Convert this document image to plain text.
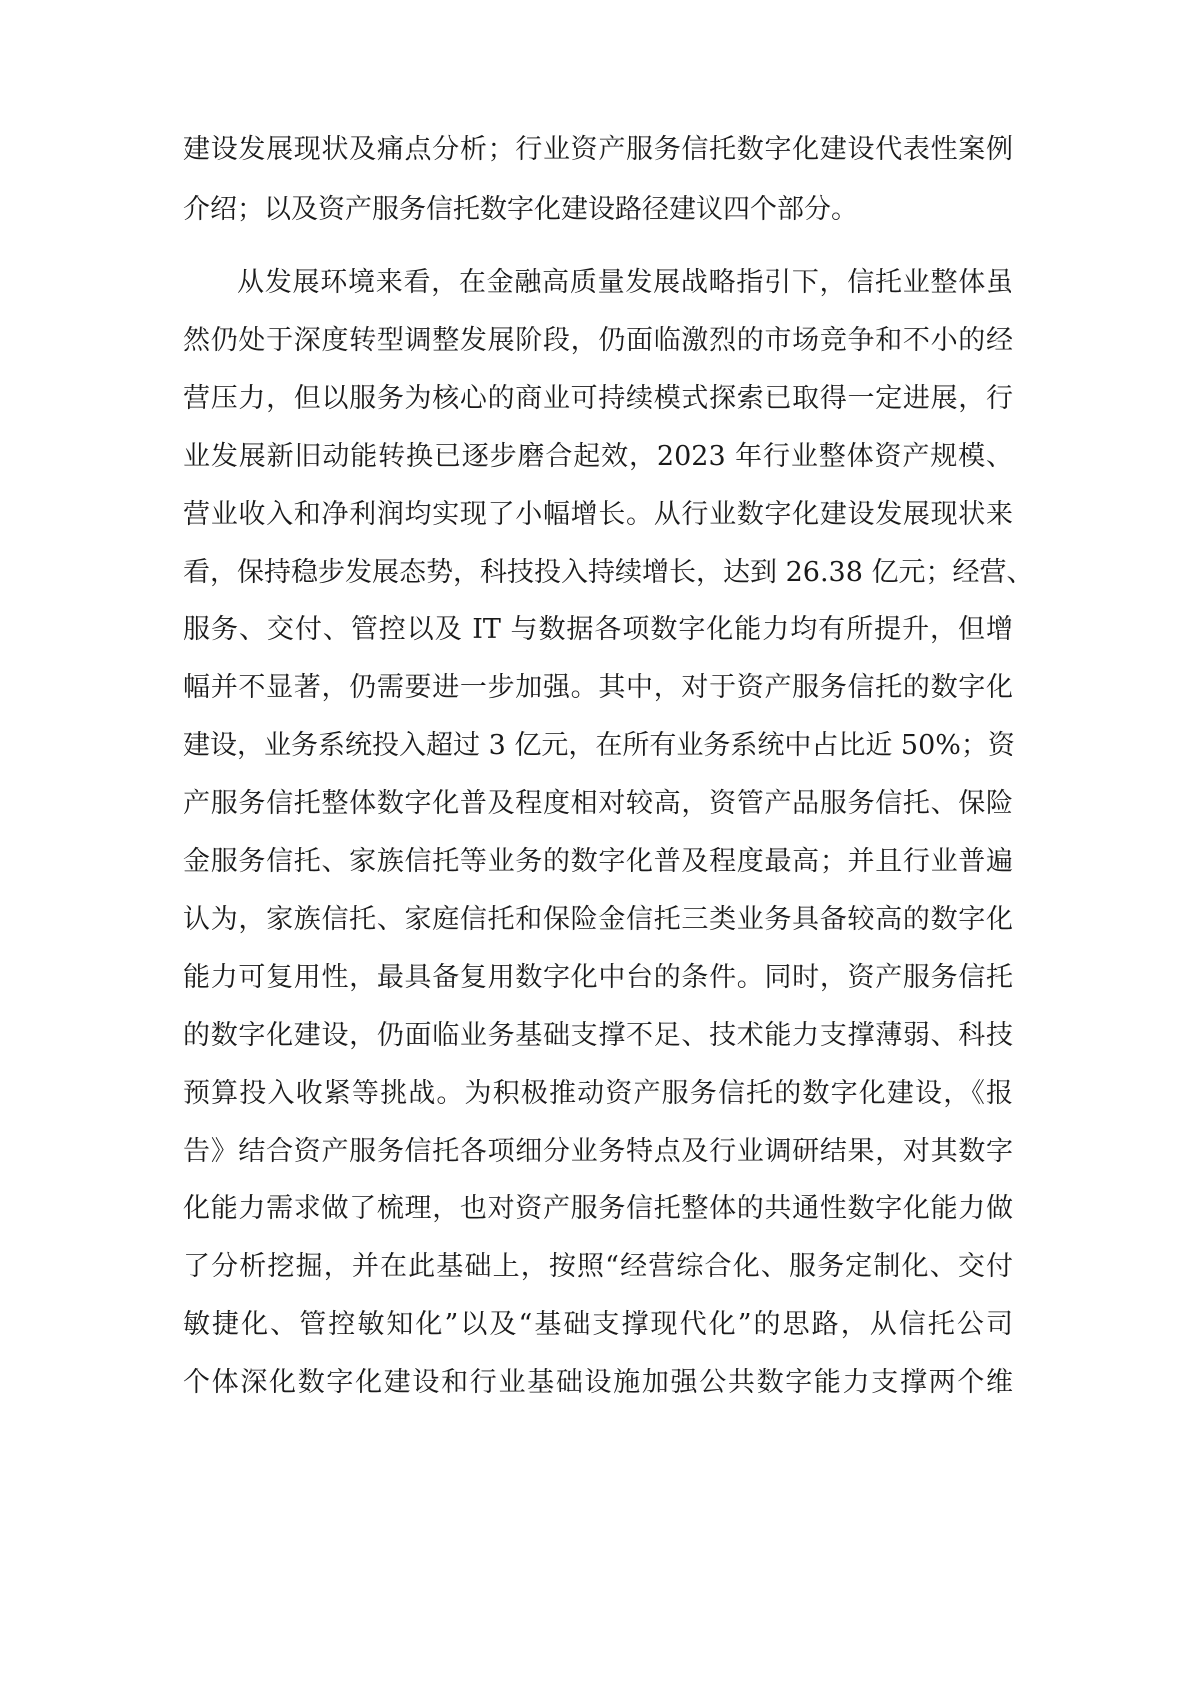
建设发展现状及痛点分析；行业资产服务信托数字化建设代表性案例
介绍；以及资产服务信托数字化建设路径建议四个部分。
从发展环境来看，在金融高质量发展战略指引下，信托业整体虽
然仍处于深度转型调整发展阶段，仍面临激烈的市场竞争和不小的经
营压力，但以服务为核心的商业可持续模式探索已取得一定进展，行
业发展新旧动能转换已逐步磨合起效，2023 年行业整体资产规模、
营业收入和净利润均实现了小幅增长。从行业数字化建设发展现状来
看，保持稳步发展态势，科技投入持续增长，达到 26.38 亿元；经营、
服务、交付、管控以及 IT 与数据各项数字化能力均有所提升，但增
幅并不显著，仍需要进一步加强。其中，对于资产服务信托的数字化
建设，业务系统投入超过 3 亿元，在所有业务系统中占比近 50%；资
产服务信托整体数字化普及程度相对较高，资管产品服务信托、保险
金服务信托、家族信托等业务的数字化普及程度最高；并且行业普遍
认为，家族信托、家庭信托和保险金信托三类业务具备较高的数字化
能力可复用性，最具备复用数字化中台的条件。同时，资产服务信托
的数字化建设，仍面临业务基础支撑不足、技术能力支撑薄弱、科技
预算投入收紧等挑战。为积极推动资产服务信托的数字化建设，《报
告》结合资产服务信托各项细分业务特点及行业调研结果，对其数字
化能力需求做了梳理，也对资产服务信托整体的共通性数字化能力做
了分析挖掘，并在此基础上，按照“经营综合化、服务定制化、交付
敏捷化、管控敏知化”以及“基础支撑现代化”的思路，从信托公司
个体深化数字化建设和行业基础设施加强公共数字能力支撑两个维
